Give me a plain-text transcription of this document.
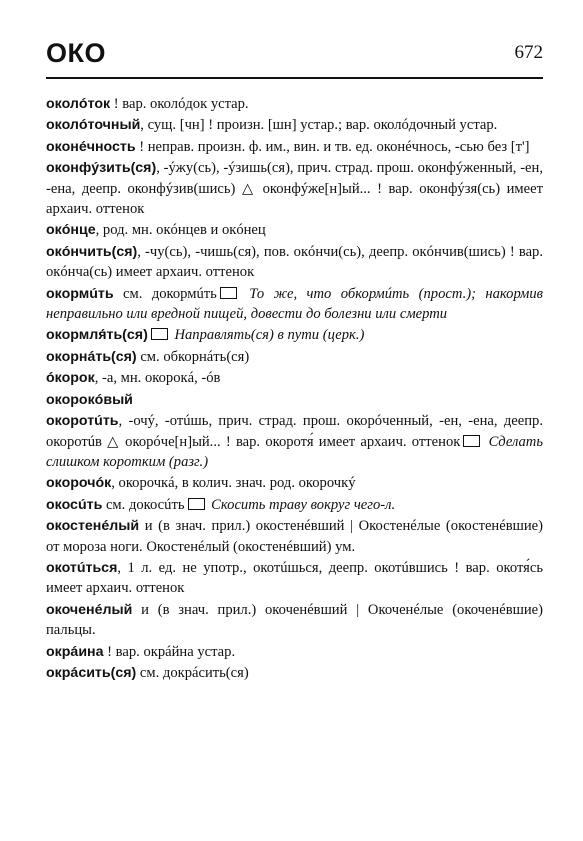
ОКО	672
околóток ! вар. околóдок устар.
околóточный, сущ. [чн] ! произн. [шн] устар.; вар. околóдочный устар.
оконéчность ! неправ. произн. ф. им., вин. и тв. ед. оконéчнось, -сью без [т']
оконфýзить(ся), -ýжу(сь), -ýзишь(ся), прич. страд. прош. оконфýженный, -ен, -ена, деепр. оконфýзив(шись) △ оконфýже[н]ый... ! вар. оконфýзя(сь) имеет архаич. оттенок
окóнце, род. мн. окóнцев и окóнец
окóнчить(ся), -чу(сь), -чишь(ся), пов. окóнчи(сь), деепр. окóнчив(шись) ! вар. окóнча(сь) имеет архаич. оттенок
окормúть см. докормúть То же, что обкормúть (прост.); накормив неправильно или вредной пищей, довести до болезни или смерти
окормля́ть(ся) Направлять(ся) в пути (церк.)
окорнáть(ся) см. обкорнáть(ся)
óкорок, -а, мн. окорокá, -óв
окорокóвый
окоротúть, -очý, -отúшь, прич. страд. прош. окорóченный, -ен, -ена, деепр. окоротúв △ окорóче[н]ый... ! вар. окоротя́ имеет архаич. оттенок Сделать слишком коротким (разг.)
окорочóк, окорочкá, в колич. знач. род. окорочкý
окосúть см. докосúть Скосить траву вокруг чего-л.
окостенéлый и (в знач. прил.) окостенéвший | Окостенéлые (окостенéвшие) от мороза ноги. Окостенéлый (окостенéвший) ум.
окотúться, 1 л. ед. не употр., окотúшься, деепр. окотúвшись ! вар. окотя́сь имеет архаич. оттенок
окоченéлый и (в знач. прил.) окоченéвший | Окоченéлые (окоченéвшие) пальцы.
окрáина ! вар. окрáйна устар.
окрáсить(ся) см. докрáсить(ся)
